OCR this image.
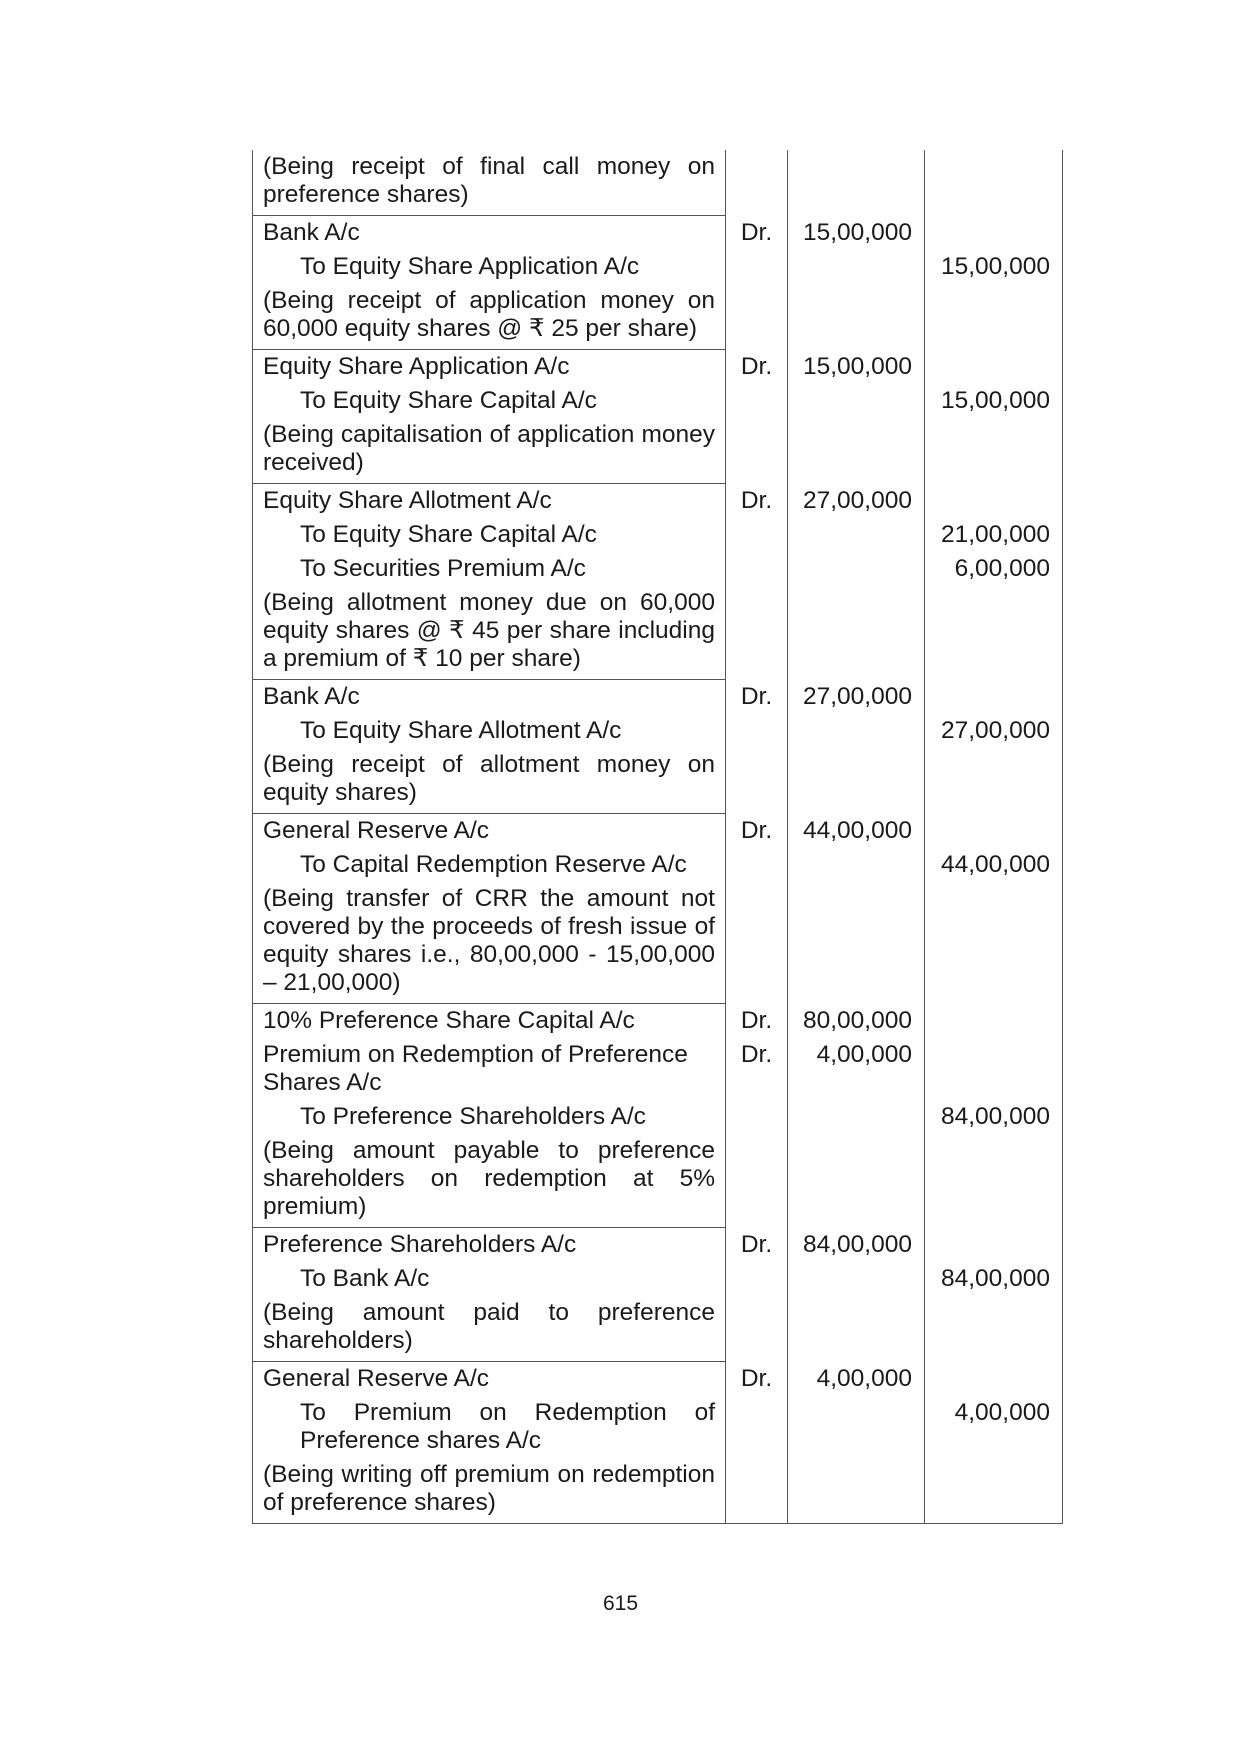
(Being receipt of final call money on preference shares)			
Bank A/c	Dr.	15,00,000	
To Equity Share Application A/c			15,00,000
(Being receipt of application money on 60,000 equity shares @ ₹ 25 per share)			
Equity Share Application A/c	Dr.	15,00,000	
To Equity Share Capital A/c			15,00,000
(Being capitalisation of application money received)			
Equity Share Allotment A/c	Dr.	27,00,000	
To Equity Share Capital A/c			21,00,000
To Securities Premium A/c			6,00,000
(Being allotment money due on 60,000 equity shares @ ₹ 45 per share including a premium of ₹ 10 per share)			
Bank A/c	Dr.	27,00,000	
To Equity Share Allotment A/c			27,00,000
(Being receipt of allotment money on equity shares)			
General Reserve A/c	Dr.	44,00,000	
To Capital Redemption Reserve A/c			44,00,000
(Being transfer of CRR the amount not covered by the proceeds of fresh issue of equity shares i.e., 80,00,000 - 15,00,000 – 21,00,000)			
10% Preference Share Capital A/c	Dr.	80,00,000	
Premium on Redemption of Preference Shares A/c	Dr.	4,00,000	
To Preference Shareholders A/c			84,00,000
(Being amount payable to preference shareholders on redemption at 5% premium)			
Preference Shareholders A/c	Dr.	84,00,000	
To Bank A/c			84,00,000
(Being amount paid to preference shareholders)			
General Reserve A/c	Dr.	4,00,000	
To Premium on Redemption of Preference shares A/c			4,00,000
(Being writing off premium on redemption of preference shares)			
615
